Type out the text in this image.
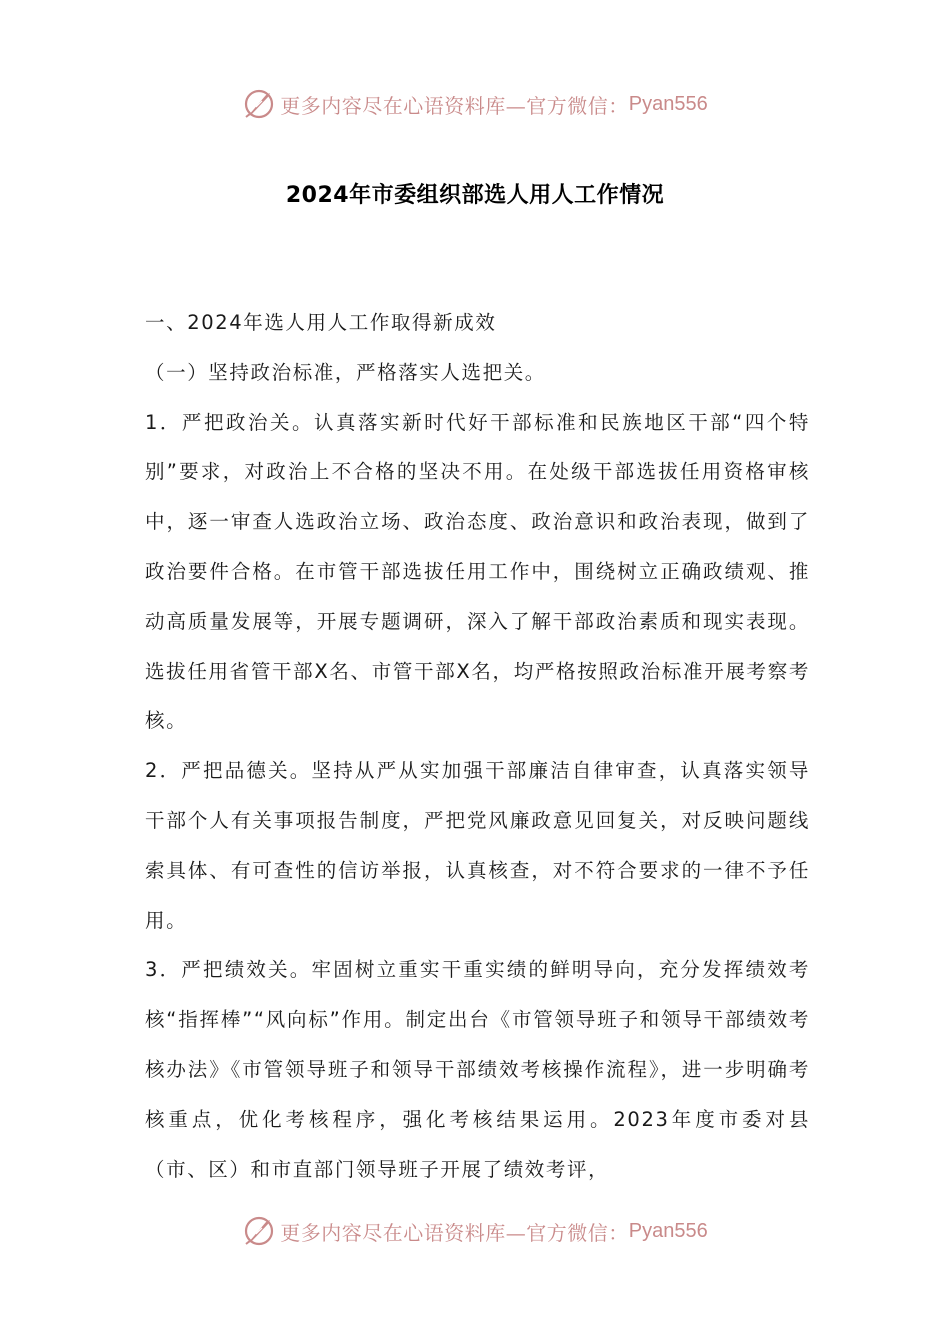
更多内容尽在心语资料库—官方微信： Pyan556
2024年市委组织部选人用人工作情况

一、2024年选人用人工作取得新成效

（一）坚持政治标准，严格落实人选把关。

1．严把政治关。认真落实新时代好干部标准和民族地区干部“四个特别”要求，对政治上不合格的坚决不用。在处级干部选拔任用资格审核中，逐一审查人选政治立场、政治态度、政治意识和政治表现，做到了政治要件合格。在市管干部选拔任用工作中，围绕树立正确政绩观、推动高质量发展等，开展专题调研，深入了解干部政治素质和现实表现。选拔任用省管干部X名、市管干部X名，均严格按照政治标准开展考察考核。

2．严把品德关。坚持从严从实加强干部廉洁自律审查，认真落实领导干部个人有关事项报告制度，严把党风廉政意见回复关，对反映问题线索具体、有可查性的信访举报，认真核查，对不符合要求的一律不予任用。

3．严把绩效关。牢固树立重实干重实绩的鲜明导向，充分发挥绩效考核“指挥棒”“风向标”作用。制定出台《市管领导班子和领导干部绩效考核办法》《市管领导班子和领导干部绩效考核操作流程》，进一步明确考核重点，优化考核程序，强化考核结果运用。2023年度市委对县（市、区）和市直部门领导班子开展了绩效考评，

更多内容尽在心语资料库—官方微信： Pyan556
